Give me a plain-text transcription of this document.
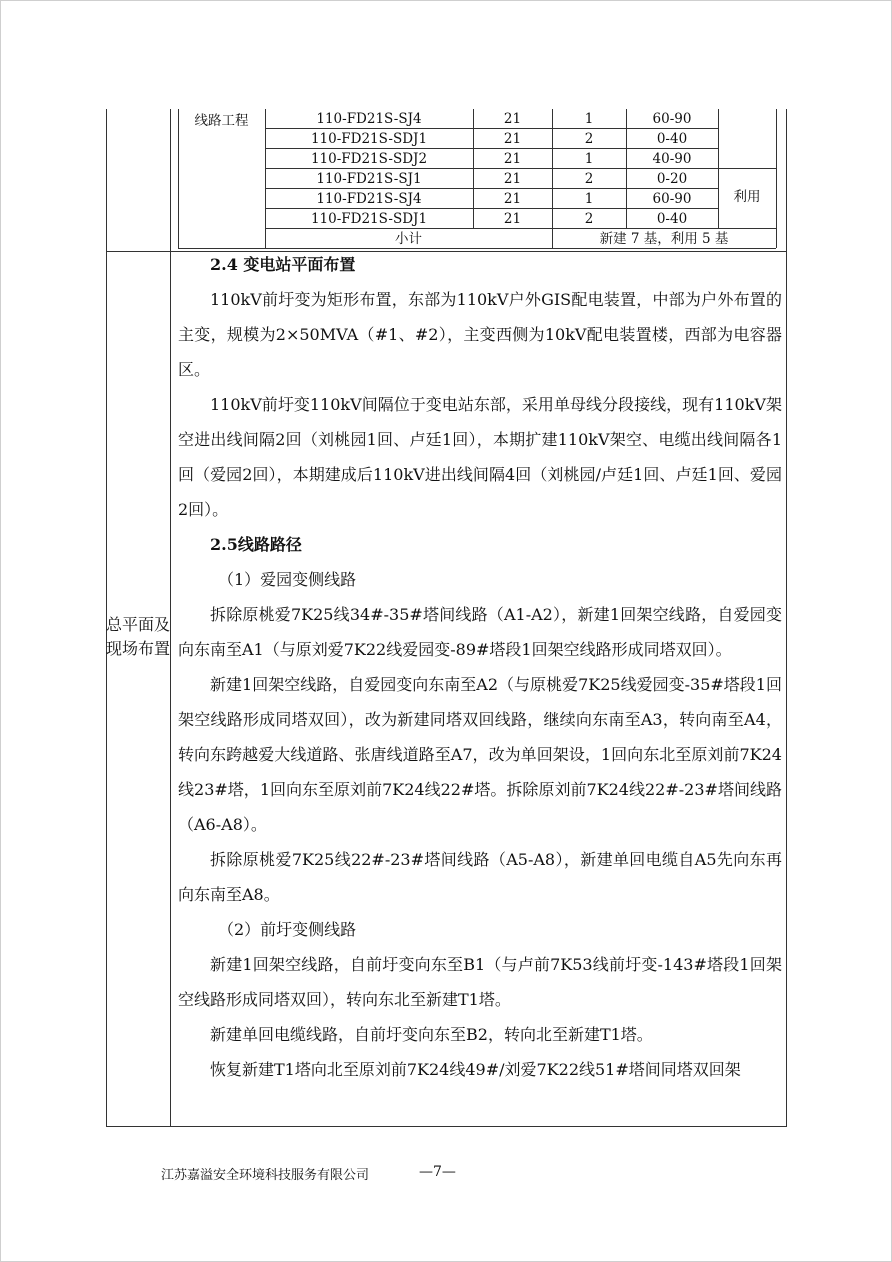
线路工程	110-FD21S-SJ4	21	1	60-90
110-FD21S-SDJ1	21	2	0-40
110-FD21S-SDJ2	21	1	40-90
110-FD21S-SJ1	21	2	0-20
110-FD21S-SJ4	21	1	60-90
110-FD21S-SDJ1	21	2	0-40
利用
小计	新建 7 基，利用 5 基
总平面及现场布置

2.4 变电站平面布置

110kV前圩变为矩形布置，东部为110kV户外GIS配电装置，中部为户外布置的主变，规模为2×50MVA（#1、#2），主变西侧为10kV配电装置楼，西部为电容器区。

110kV前圩变110kV间隔位于变电站东部，采用单母线分段接线，现有110kV架空进出线间隔2回（刘桃园1回、卢廷1回），本期扩建110kV架空、电缆出线间隔各1回（爱园2回），本期建成后110kV进出线间隔4回（刘桃园/卢廷1回、卢廷1回、爱园2回）。

2.5线路路径

（1）爱园变侧线路

拆除原桃爱7K25线34#-35#塔间线路（A1-A2），新建1回架空线路，自爱园变向东南至A1（与原刘爱7K22线爱园变-89#塔段1回架空线路形成同塔双回）。

新建1回架空线路，自爱园变向东南至A2（与原桃爱7K25线爱园变-35#塔段1回架空线路形成同塔双回），改为新建同塔双回线路，继续向东南至A3，转向南至A4，转向东跨越爱大线道路、张唐线道路至A7，改为单回架设，1回向东北至原刘前7K24线23#塔，1回向东至原刘前7K24线22#塔。拆除原刘前7K24线22#-23#塔间线路（A6-A8）。

拆除原桃爱7K25线22#-23#塔间线路（A5-A8），新建单回电缆自A5先向东再向东南至A8。

（2）前圩变侧线路

新建1回架空线路，自前圩变向东至B1（与卢前7K53线前圩变-143#塔段1回架空线路形成同塔双回），转向东北至新建T1塔。

新建单回电缆线路，自前圩变向东至B2，转向北至新建T1塔。

恢复新建T1塔向北至原刘前7K24线49#/刘爱7K22线51#塔间同塔双回架

江苏嘉溢安全环境科技服务有限公司	—7—
